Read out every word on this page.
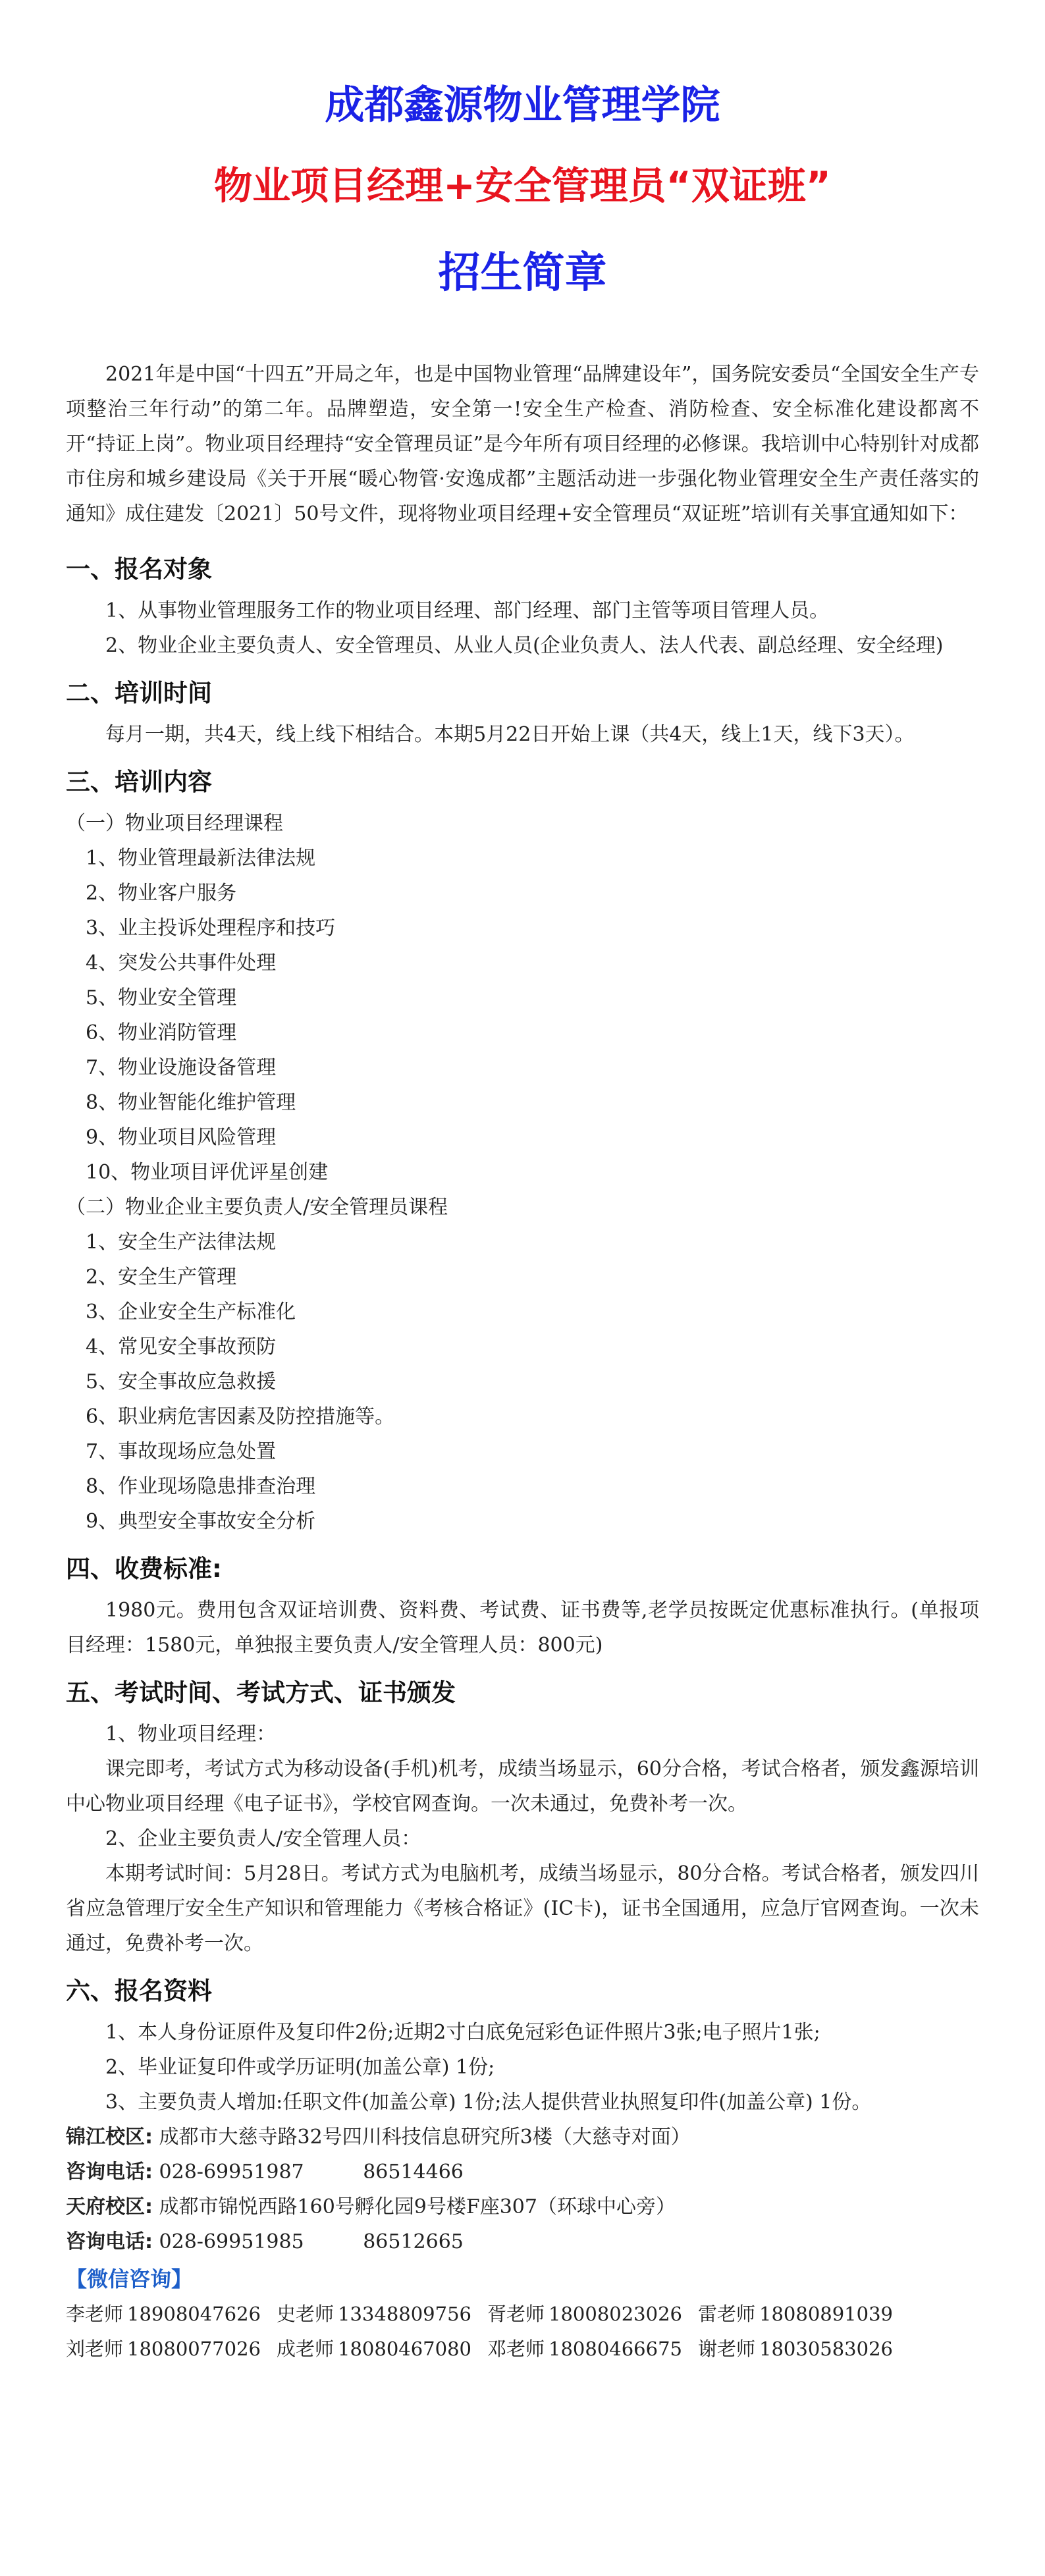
成都鑫源物业管理学院
物业项目经理+安全管理员“双证班”
招生简章

2021年是中国“十四五”开局之年，也是中国物业管理“品牌建设年”，国务院安委员“全国安全生产专项整治三年行动”的第二年。品牌塑造，安全第一!安全生产检查、消防检查、安全标准化建设都离不开“持证上岗”。物业项目经理持“安全管理员证”是今年所有项目经理的必修课。我培训中心特别针对成都市住房和城乡建设局《关于开展“暖心物管·安逸成都”主题活动进一步强化物业管理安全生产责任落实的通知》成住建发〔2021〕50号文件，现将物业项目经理+安全管理员“双证班”培训有关事宜通知如下：

一、报名对象

1、从事物业管理服务工作的物业项目经理、部门经理、部门主管等项目管理人员。

2、物业企业主要负责人、安全管理员、从业人员(企业负责人、法人代表、副总经理、安全经理)

二、培训时间

每月一期，共4天，线上线下相结合。本期5月22日开始上课（共4天，线上1天，线下3天）。

三、培训内容

（一）物业项目经理课程

1、物业管理最新法律法规
2、物业客户服务
3、业主投诉处理程序和技巧
4、突发公共事件处理
5、物业安全管理
6、物业消防管理
7、物业设施设备管理
8、物业智能化维护管理
9、物业项目风险管理
10、物业项目评优评星创建

（二）物业企业主要负责人/安全管理员课程

1、安全生产法律法规
2、安全生产管理
3、企业安全生产标准化
4、常见安全事故预防
5、安全事故应急救援
6、职业病危害因素及防控措施等。
7、事故现场应急处置
8、作业现场隐患排查治理
9、典型安全事故安全分析
四、收费标准:

1980元。费用包含双证培训费、资料费、考试费、证书费等,老学员按既定优惠标准执行。(单报项目经理：1580元，单独报主要负责人/安全管理人员：800元)

五、考试时间、考试方式、证书颁发

1、物业项目经理：

课完即考，考试方式为移动设备(手机)机考，成绩当场显示，60分合格，考试合格者，颁发鑫源培训中心物业项目经理《电子证书》，学校官网查询。一次未通过，免费补考一次。

2、企业主要负责人/安全管理人员：

本期考试时间：5月28日。考试方式为电脑机考，成绩当场显示，80分合格。考试合格者，颁发四川省应急管理厅安全生产知识和管理能力《考核合格证》(IC卡)，证书全国通用，应急厅官网查询。一次未通过，免费补考一次。

六、报名资料

1、本人身份证原件及复印件2份;近期2寸白底免冠彩色证件照片3张;电子照片1张;

2、毕业证复印件或学历证明(加盖公章) 1份;

3、主要负责人增加:任职文件(加盖公章) 1份;法人提供营业执照复印件(加盖公章) 1份。

锦江校区: 成都市大慈寺路32号四川科技信息研究所3楼（大慈寺对面）

咨询电话: 028-69951987	86514466

天府校区: 成都市锦悦西路160号孵化园9号楼F座307（环球中心旁）

咨询电话: 028-69951985	86512665

【微信咨询】

李老师 18908047626 史老师 13348809756 胥老师 18008023026 雷老师 18080891039
刘老师 18080077026 成老师 18080467080 邓老师 18080466675 谢老师 18030583026
